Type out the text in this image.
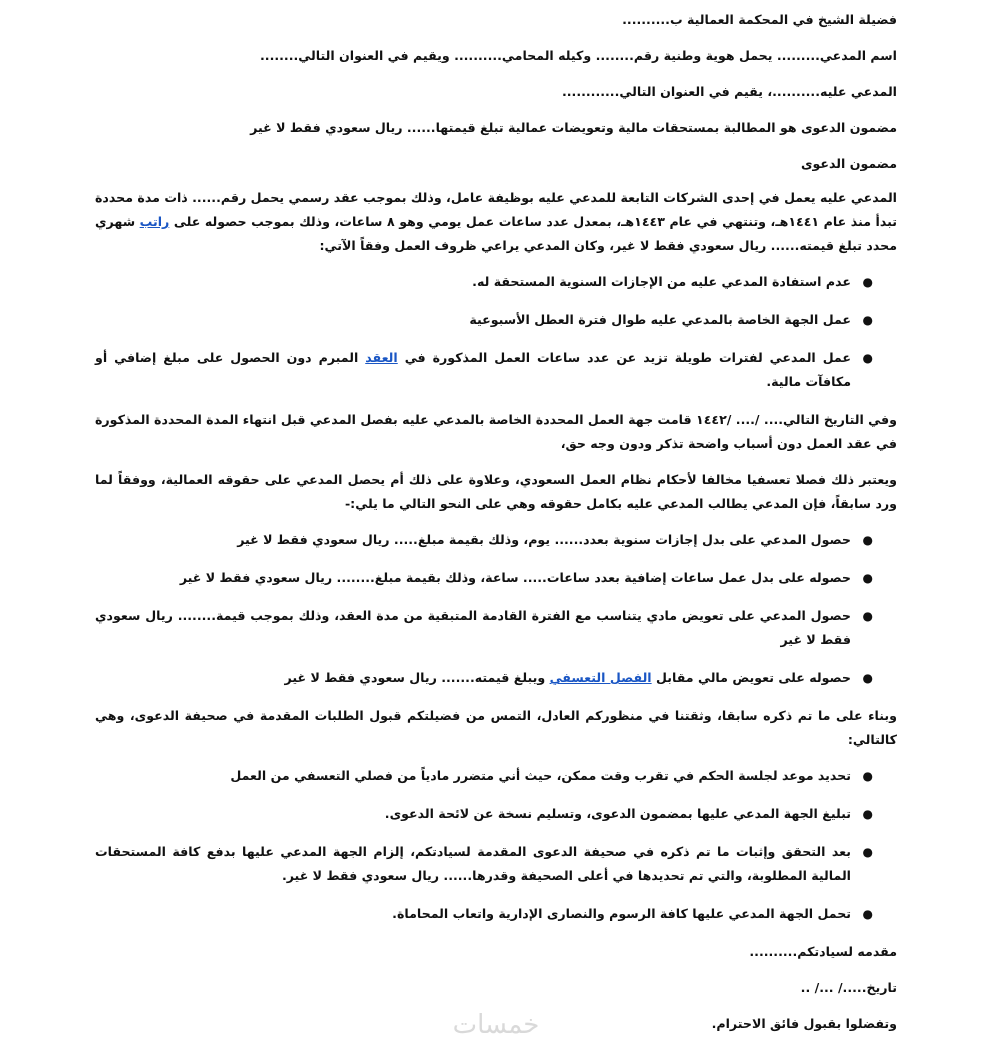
فضيلة الشيخ في المحكمة العمالية ب..........

اسم المدعي......... يحمل هوية وطنية رقم........ وكيله المحامي.......... ويقيم في العنوان التالي........

المدعي عليه..........، يقيم في العنوان التالي............

مضمون الدعوى هو المطالبة بمستحقات مالية وتعويضات عمالية تبلغ قيمتها...... ريال سعودي فقط لا غير

مضمون الدعوى

المدعي عليه يعمل في إحدى الشركات التابعة للمدعي عليه بوظيفة عامل، وذلك بموجب عقد رسمي يحمل رقم...... ذات مدة محددة تبدأ منذ عام ١٤٤١هـ، وتنتهي في عام ١٤٤٣هـ، بمعدل عدد ساعات عمل يومي وهو ٨ ساعات، وذلك بموجب حصوله على راتب شهري محدد تبلغ قيمته...... ريال سعودي فقط لا غير، وكان المدعي يراعي ظروف العمل وفقاً الآتي:

●
عدم استفادة المدعي عليه من الإجازات السنوية المستحقة له.
●
عمل الجهة الخاصة بالمدعي عليه طوال فترة العطل الأسبوعية
●
عمل المدعي لفترات طويلة تزيد عن عدد ساعات العمل المذكورة في العقد المبرم دون الحصول على مبلغ إضافي أو مكافآت مالية.

وفي التاريخ التالي.... /.... /١٤٤٢ قامت جهة العمل المحددة الخاصة بالمدعي عليه بفصل المدعي قبل انتهاء المدة المحددة المذكورة في عقد العمل دون أسباب واضحة تذكر ودون وجه حق،

ويعتبر ذلك فصلا تعسفيا مخالفا لأحكام نظام العمل السعودي، وعلاوة على ذلك أم يحصل المدعي على حقوقه العمالية، ووفقاً لما ورد سابقاً، فإن المدعي يطالب المدعي عليه بكامل حقوقه وهي على النحو التالي ما يلي:-

●
حصول المدعي على بدل إجازات سنوية بعدد...... يوم، وذلك بقيمة مبلغ..... ريال سعودي فقط لا غير
●
حصوله على بدل عمل ساعات إضافية بعدد ساعات..... ساعة، وذلك بقيمة مبلغ........ ريال سعودي فقط لا غير
●
حصول المدعي على تعويض مادي يتناسب مع الفترة القادمة المتبقية من مدة العقد، وذلك بموجب قيمة........ ريال سعودي فقط لا غير
●
حصوله على تعويض مالي مقابل الفصل التعسفي ويبلغ قيمته....... ريال سعودي فقط لا غير

وبناء على ما تم ذكره سابقا، وثقتنا في منظوركم العادل، التمس من فضيلتكم قبول الطلبات المقدمة في صحيفة الدعوى، وهي كالتالي:

●
تحديد موعد لجلسة الحكم في تقرب وقت ممكن، حيث أني متضرر مادياً من فصلي التعسفي من العمل
●
تبليغ الجهة المدعي عليها بمضمون الدعوى، وتسليم نسخة عن لائحة الدعوى.
●
بعد التحقق وإثبات ما تم ذكره في صحيفة الدعوى المقدمة لسيادتكم، إلزام الجهة المدعي عليها بدفع كافة المستحقات المالية المطلوبة، والتي تم تحديدها في أعلى الصحيفة وقدرها...... ريال سعودي فقط لا غير.
●
تحمل الجهة المدعي عليها كافة الرسوم والنصارى الإدارية واتعاب المحاماة.

مقدمه لسيادتكم..........

تاريخ...../ .../ ..

وتفضلوا بقبول فائق الاحترام.

خمسات
